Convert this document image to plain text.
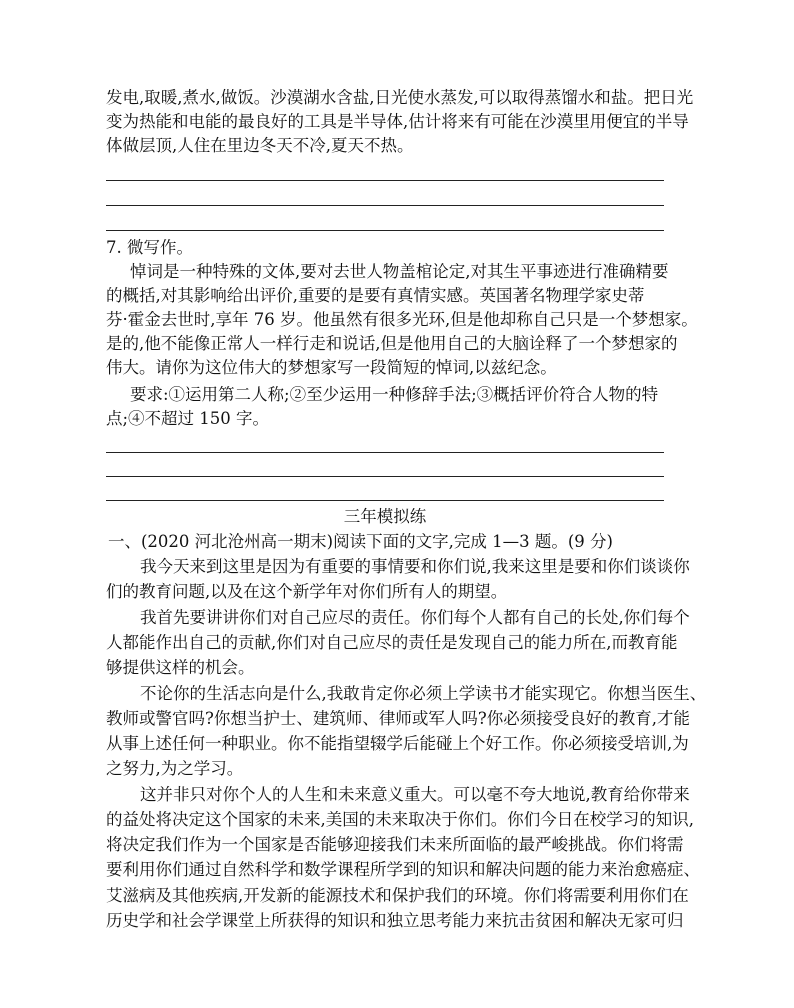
发电,取暖,煮水,做饭。沙漠湖水含盐,日光使水蒸发,可以取得蒸馏水和盐。把日光
变为热能和电能的最良好的工具是半导体,估计将来有可能在沙漠里用便宜的半导
体做层顶,人住在里边冬天不冷,夏天不热。
7. 微写作。
悼词是一种特殊的文体,要对去世人物盖棺论定,对其生平事迹进行准确精要
的概括,对其影响给出评价,重要的是要有真情实感。英国著名物理学家史蒂
芬·霍金去世时,享年 76 岁。他虽然有很多光环,但是他却称自己只是一个梦想家。
是的,他不能像正常人一样行走和说话,但是他用自己的大脑诠释了一个梦想家的
伟大。请你为这位伟大的梦想家写一段简短的悼词,以兹纪念。
要求:①运用第二人称;②至少运用一种修辞手法;③概括评价符合人物的特
点;④不超过 150 字。
三年模拟练
一、(2020 河北沧州高一期末)阅读下面的文字,完成 1—3 题。(9 分)
我今天来到这里是因为有重要的事情要和你们说,我来这里是要和你们谈谈你
们的教育问题,以及在这个新学年对你们所有人的期望。
我首先要讲讲你们对自己应尽的责任。你们每个人都有自己的长处,你们每个
人都能作出自己的贡献,你们对自己应尽的责任是发现自己的能力所在,而教育能
够提供这样的机会。
不论你的生活志向是什么,我敢肯定你必须上学读书才能实现它。你想当医生、
教师或警官吗?你想当护士、建筑师、律师或军人吗?你必须接受良好的教育,才能
从事上述任何一种职业。你不能指望辍学后能碰上个好工作。你必须接受培训,为
之努力,为之学习。
这并非只对你个人的人生和未来意义重大。可以毫不夸大地说,教育给你带来
的益处将决定这个国家的未来,美国的未来取决于你们。你们今日在校学习的知识,
将决定我们作为一个国家是否能够迎接我们未来所面临的最严峻挑战。你们将需
要利用你们通过自然科学和数学课程所学到的知识和解决问题的能力来治愈癌症、
艾滋病及其他疾病,开发新的能源技术和保护我们的环境。你们将需要利用你们在
历史学和社会学课堂上所获得的知识和独立思考能力来抗击贫困和解决无家可归
